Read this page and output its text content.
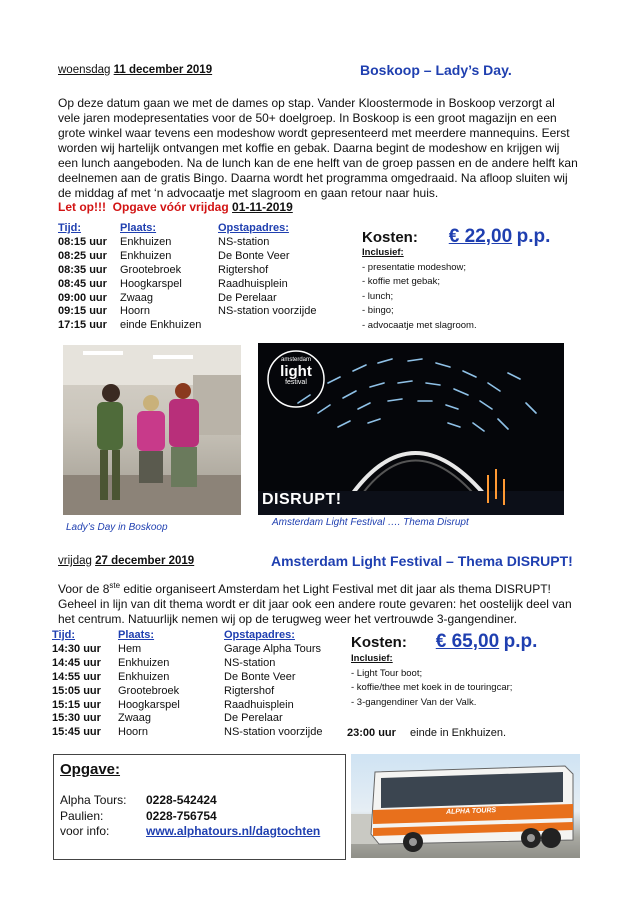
woensdag 11 december 2019	Boskoop – Lady’s Day.

Op deze datum gaan we met de dames op stap. Vander Kloostermode in Boskoop verzorgt al vele jaren modepresentaties voor de 50+ doelgroep. In Boskoop is een groot magazijn en een grote winkel waar tevens een modeshow wordt gepresenteerd met meerdere mannequins. Eerst worden wij hartelijk ontvangen met koffie en gebak. Daarna begint de modeshow en krijgen wij een lunch aangeboden. Na de lunch kan de ene helft van de groep passen en de andere helft kan deelnemen aan de gratis Bingo. Daarna wordt het programma omgedraaid. Na afloop sluiten wij de middag af met ‘n advocaatje met slagroom en gaan retour naar huis.

Let op!!! Opgave vóór vrijdag 01-11-2019
Tijd:
08:15 uur
08:25 uur
08:35 uur
08:45 uur
09:00 uur
09:15 uur
17:15 uur
Plaats:
Enkhuizen
Enkhuizen
Grootebroek
Hoogkarspel
Zwaag
Hoorn
einde Enkhuizen
Opstapadres:
NS-station
De Bonte Veer
Rigtershof
Raadhuisplein
De Perelaar
NS-station voorzijde
Kosten: € 22,00 p.p.
Inclusief:
- presentatie modeshow;
- koffie met gebak;
- lunch;
- bingo;
- advocaatje met slagroom.
Lady’s Day in Boskoop
amsterdam
light
festival
DISRUPT!
Amsterdam Light Festival …. Thema Disrupt
vrijdag 27 december 2019	Amsterdam Light Festival – Thema DISRUPT!

Voor de 8ste editie organiseert Amsterdam het Light Festival met dit jaar als thema DISRUPT! Geheel in lijn van dit thema wordt er dit jaar ook een andere route gevaren: het oostelijk deel van het centrum. Natuurlijk nemen wij op de terugweg weer het vertrouwde 3-gangendiner.

Tijd:
14:30 uur
14:45 uur
14:55 uur
15:05 uur
15:15 uur
15:30 uur
15:45 uur
Plaats:
Hem
Enkhuizen
Enkhuizen
Grootebroek
Hoogkarspel
Zwaag
Hoorn
Opstapadres:
Garage Alpha Tours
NS-station
De Bonte Veer
Rigtershof
Raadhuisplein
De Perelaar
NS-station voorzijde
Kosten: € 65,00 p.p.
Inclusief:
- Light Tour boot;
- koffie/thee met koek in de touringcar;
- 3-gangendiner Van der Valk.
23:00 uur einde in Enkhuizen.
Opgave:
Alpha Tours:
Paulien:
voor info:
0228-542424
0228-756754
www.alphatours.nl/dagtochten
ALPHA TOURS
